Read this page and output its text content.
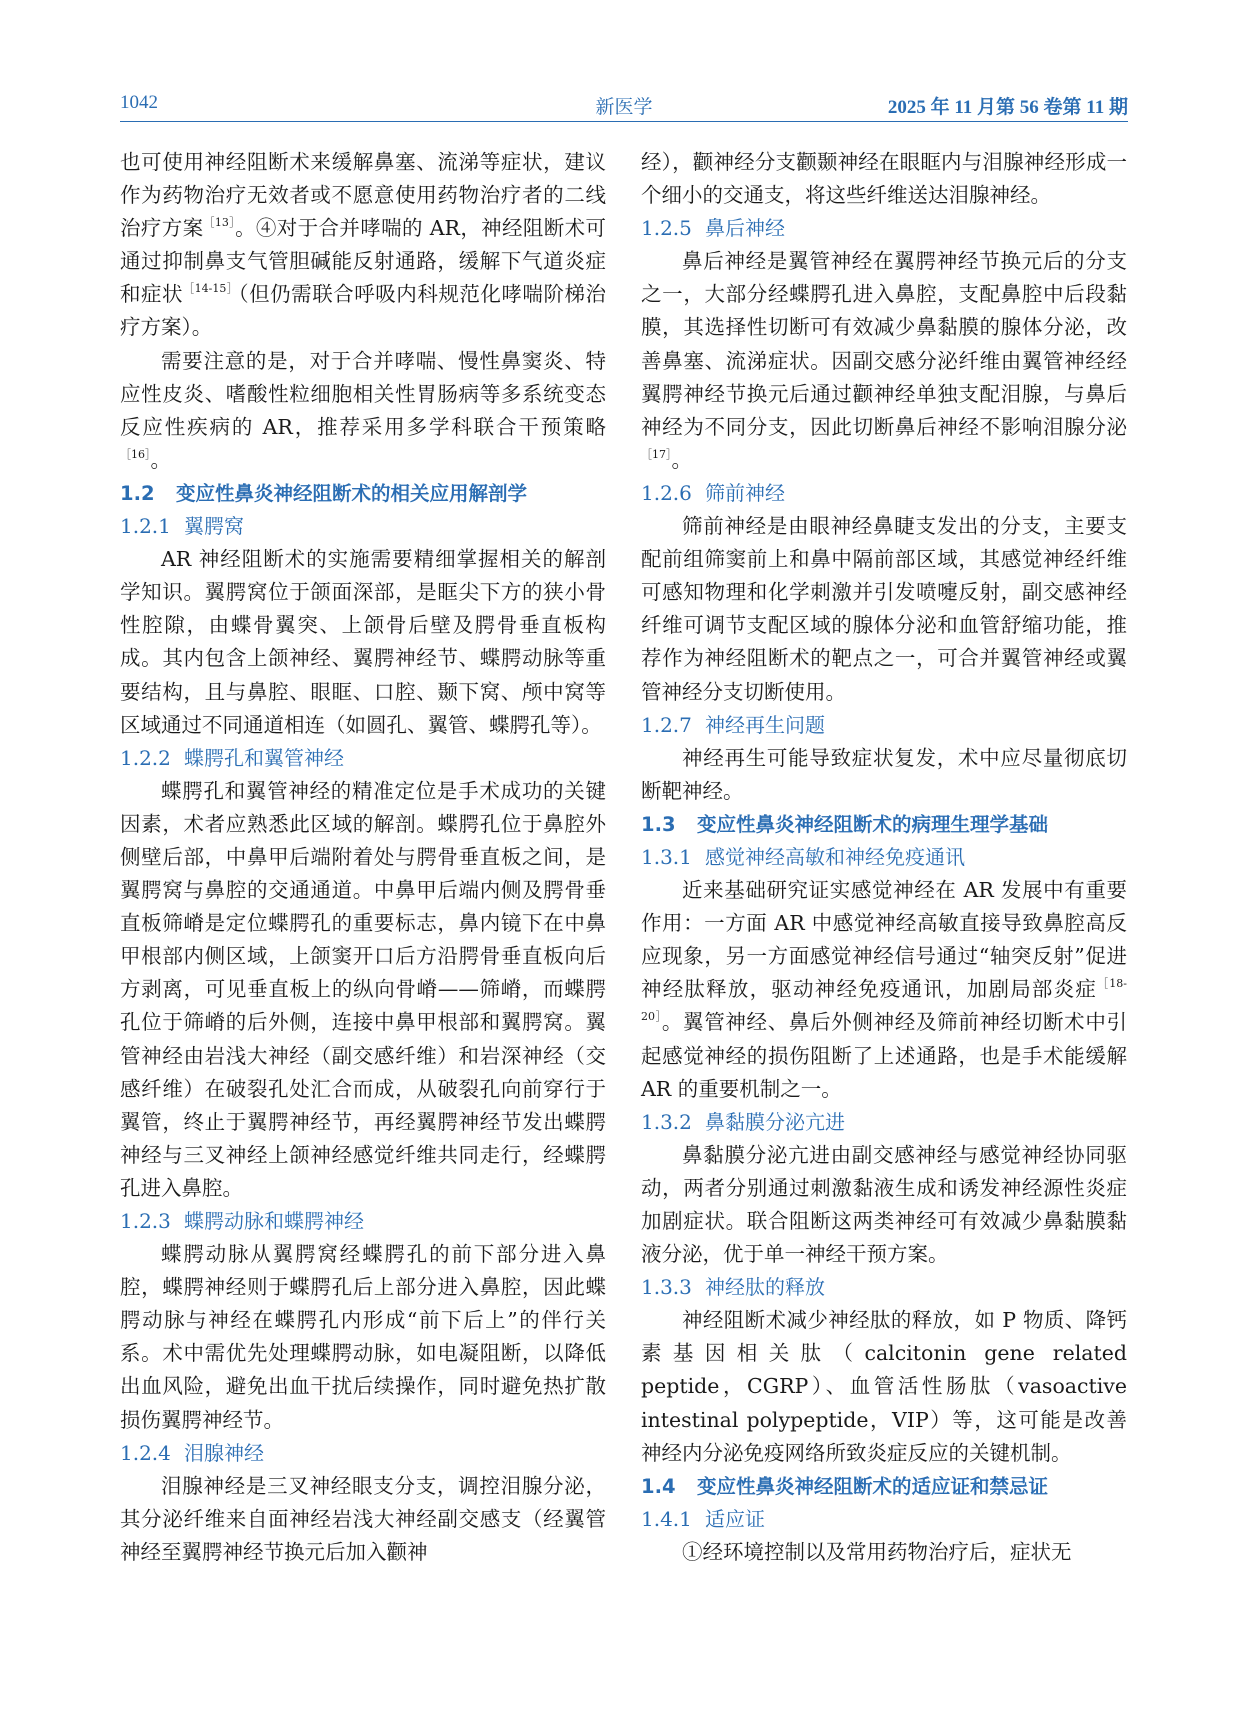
1042	新医学	2025 年 11 月第 56 卷第 11 期

也可使用神经阻断术来缓解鼻塞、流涕等症状，建议作为药物治疗无效者或不愿意使用药物治疗者的二线治疗方案$^{[13]}$。④对于合并哮喘的 AR，神经阻断术可通过抑制鼻支气管胆碱能反射通路，缓解下气道炎症和症状$^{[14-15]}$（但仍需联合呼吸内科规范化哮喘阶梯治疗方案）。

需要注意的是，对于合并哮喘、慢性鼻窦炎、特应性皮炎、嗜酸性粒细胞相关性胃肠病等多系统变态反应性疾病的 AR，推荐采用多学科联合干预策略$^{[16]}$。

1.2 变应性鼻炎神经阻断术的相关应用解剖学
1.2.1 翼腭窝

AR 神经阻断术的实施需要精细掌握相关的解剖学知识。翼腭窝位于颌面深部，是眶尖下方的狭小骨性腔隙，由蝶骨翼突、上颌骨后壁及腭骨垂直板构成。其内包含上颌神经、翼腭神经节、蝶腭动脉等重要结构，且与鼻腔、眼眶、口腔、颞下窝、颅中窝等区域通过不同通道相连（如圆孔、翼管、蝶腭孔等）。

1.2.2 蝶腭孔和翼管神经

蝶腭孔和翼管神经的精准定位是手术成功的关键因素，术者应熟悉此区域的解剖。蝶腭孔位于鼻腔外侧壁后部，中鼻甲后端附着处与腭骨垂直板之间，是翼腭窝与鼻腔的交通通道。中鼻甲后端内侧及腭骨垂直板筛嵴是定位蝶腭孔的重要标志，鼻内镜下在中鼻甲根部内侧区域，上颌窦开口后方沿腭骨垂直板向后方剥离，可见垂直板上的纵向骨嵴——筛嵴，而蝶腭孔位于筛嵴的后外侧，连接中鼻甲根部和翼腭窝。翼管神经由岩浅大神经（副交感纤维）和岩深神经（交感纤维）在破裂孔处汇合而成，从破裂孔向前穿行于翼管，终止于翼腭神经节，再经翼腭神经节发出蝶腭神经与三叉神经上颌神经感觉纤维共同走行，经蝶腭孔进入鼻腔。

1.2.3 蝶腭动脉和蝶腭神经

蝶腭动脉从翼腭窝经蝶腭孔的前下部分进入鼻腔，蝶腭神经则于蝶腭孔后上部分进入鼻腔，因此蝶腭动脉与神经在蝶腭孔内形成“前下后上”的伴行关系。术中需优先处理蝶腭动脉，如电凝阻断，以降低出血风险，避免出血干扰后续操作，同时避免热扩散损伤翼腭神经节。

1.2.4 泪腺神经

泪腺神经是三叉神经眼支分支，调控泪腺分泌，其分泌纤维来自面神经岩浅大神经副交感支（经翼管神经至翼腭神经节换元后加入颧神

经），颧神经分支颧颞神经在眼眶内与泪腺神经形成一个细小的交通支，将这些纤维送达泪腺神经。

1.2.5 鼻后神经

鼻后神经是翼管神经在翼腭神经节换元后的分支之一，大部分经蝶腭孔进入鼻腔，支配鼻腔中后段黏膜，其选择性切断可有效减少鼻黏膜的腺体分泌，改善鼻塞、流涕症状。因副交感分泌纤维由翼管神经经翼腭神经节换元后通过颧神经单独支配泪腺，与鼻后神经为不同分支，因此切断鼻后神经不影响泪腺分泌$^{[17]}$。

1.2.6 筛前神经

筛前神经是由眼神经鼻睫支发出的分支，主要支配前组筛窦前上和鼻中隔前部区域，其感觉神经纤维可感知物理和化学刺激并引发喷嚏反射，副交感神经纤维可调节支配区域的腺体分泌和血管舒缩功能，推荐作为神经阻断术的靶点之一，可合并翼管神经或翼管神经分支切断使用。

1.2.7 神经再生问题

神经再生可能导致症状复发，术中应尽量彻底切断靶神经。

1.3 变应性鼻炎神经阻断术的病理生理学基础
1.3.1 感觉神经高敏和神经免疫通讯

近来基础研究证实感觉神经在 AR 发展中有重要作用：一方面 AR 中感觉神经高敏直接导致鼻腔高反应现象，另一方面感觉神经信号通过“轴突反射”促进神经肽释放，驱动神经免疫通讯，加剧局部炎症$^{[18-20]}$。翼管神经、鼻后外侧神经及筛前神经切断术中引起感觉神经的损伤阻断了上述通路，也是手术能缓解 AR 的重要机制之一。

1.3.2 鼻黏膜分泌亢进

鼻黏膜分泌亢进由副交感神经与感觉神经协同驱动，两者分别通过刺激黏液生成和诱发神经源性炎症加剧症状。联合阻断这两类神经可有效减少鼻黏膜黏液分泌，优于单一神经干预方案。

1.3.3 神经肽的释放

神经阻断术减少神经肽的释放，如 P 物质、降钙素基因相关肽（calcitonin gene related peptide，CGRP）、血管活性肠肽（vasoactive intestinal polypeptide，VIP）等，这可能是改善神经内分泌免疫网络所致炎症反应的关键机制。

1.4 变应性鼻炎神经阻断术的适应证和禁忌证
1.4.1 适应证

①经环境控制以及常用药物治疗后，症状无
